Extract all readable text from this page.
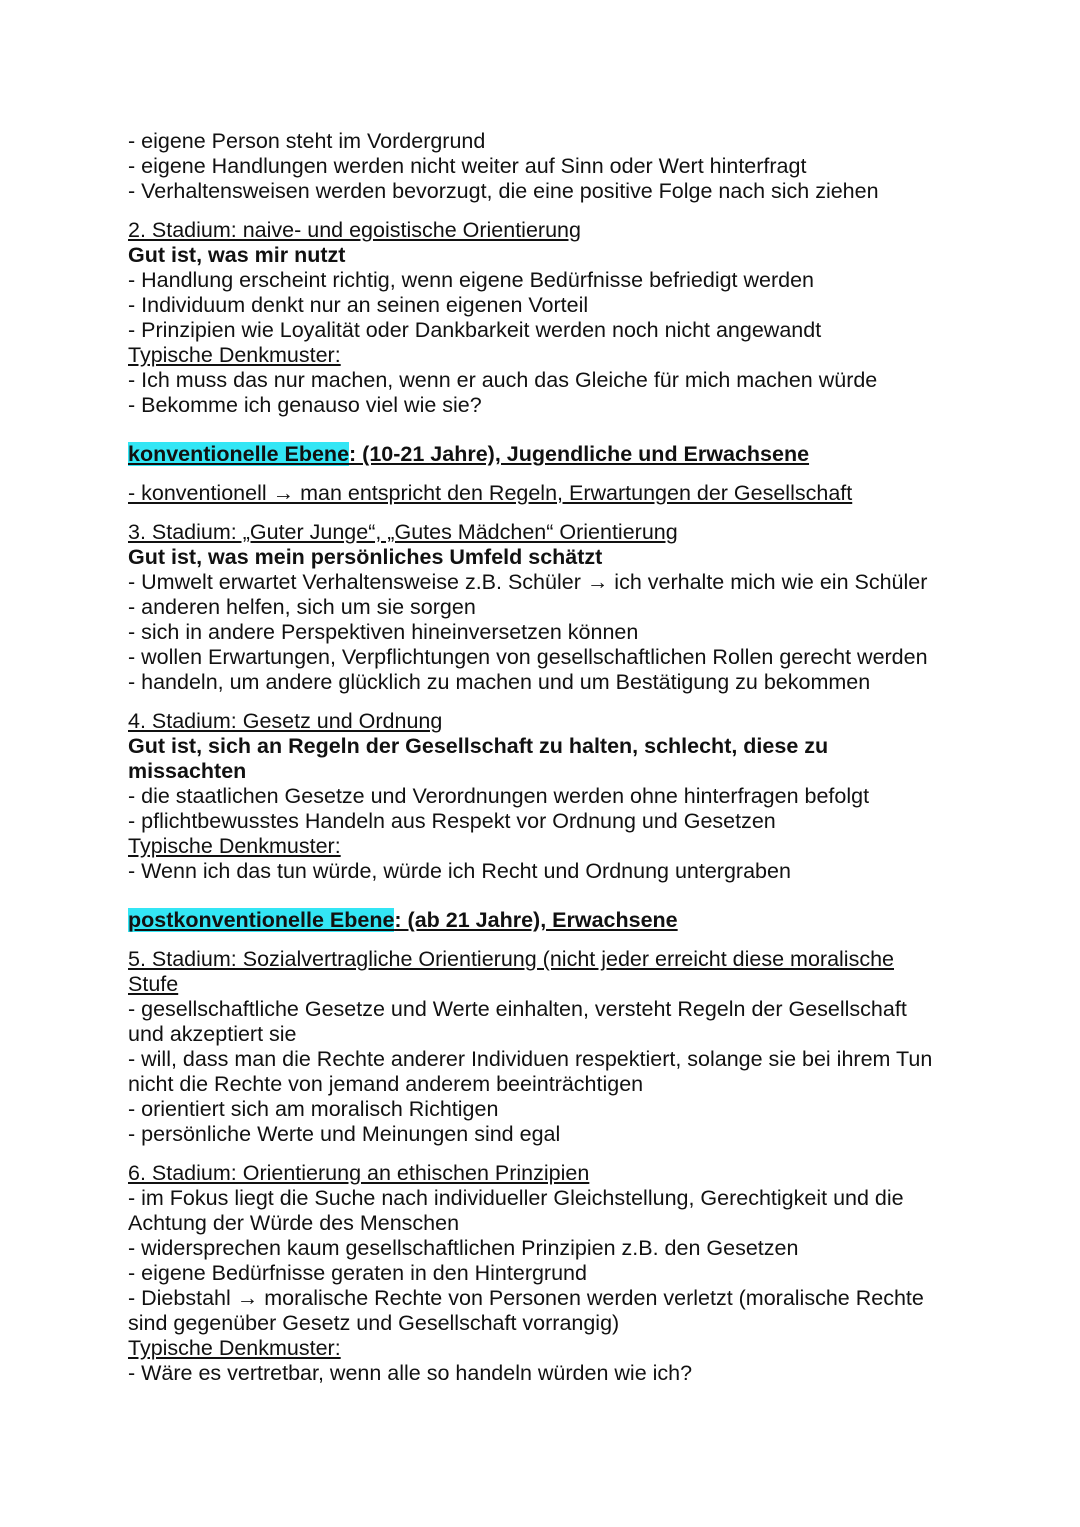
- eigene Person steht im Vordergrund
- eigene Handlungen werden nicht weiter auf Sinn oder Wert hinterfragt
- Verhaltensweisen werden bevorzugt, die eine positive Folge nach sich ziehen
2. Stadium: naive- und egoistische Orientierung
Gut ist, was mir nutzt
- Handlung erscheint richtig, wenn eigene Bedürfnisse befriedigt werden
- Individuum denkt nur an seinen eigenen Vorteil
- Prinzipien wie Loyalität oder Dankbarkeit werden noch nicht angewandt
Typische Denkmuster:
- Ich muss das nur machen, wenn er auch das Gleiche für mich machen würde
- Bekomme ich genauso viel wie sie?
konventionelle Ebene: (10-21 Jahre), Jugendliche und Erwachsene
- konventionell → man entspricht den Regeln, Erwartungen der Gesellschaft
3. Stadium: „Guter Junge“, „Gutes Mädchen“ Orientierung
Gut ist, was mein persönliches Umfeld schätzt
- Umwelt erwartet Verhaltensweise z.B. Schüler → ich verhalte mich wie ein Schüler
- anderen helfen, sich um sie sorgen
- sich in andere Perspektiven hineinversetzen können
- wollen Erwartungen, Verpflichtungen von gesellschaftlichen Rollen gerecht werden
- handeln, um andere glücklich zu machen und um Bestätigung zu bekommen
4. Stadium: Gesetz und Ordnung
Gut ist, sich an Regeln der Gesellschaft zu halten, schlecht, diese zu missachten
- die staatlichen Gesetze und Verordnungen werden ohne hinterfragen befolgt
- pflichtbewusstes Handeln aus Respekt vor Ordnung und Gesetzen
Typische Denkmuster:
- Wenn ich das tun würde, würde ich Recht und Ordnung untergraben
postkonventionelle Ebene: (ab 21 Jahre), Erwachsene
5. Stadium: Sozialvertragliche Orientierung (nicht jeder erreicht diese moralische Stufe
- gesellschaftliche Gesetze und Werte einhalten, versteht Regeln der Gesellschaft und akzeptiert sie
- will, dass man die Rechte anderer Individuen respektiert, solange sie bei ihrem Tun nicht die Rechte von jemand anderem beeinträchtigen
- orientiert sich am moralisch Richtigen
- persönliche Werte und Meinungen sind egal
6. Stadium: Orientierung an ethischen Prinzipien
- im Fokus liegt die Suche nach individueller Gleichstellung, Gerechtigkeit und die Achtung der Würde des Menschen
- widersprechen kaum gesellschaftlichen Prinzipien z.B. den Gesetzen
- eigene Bedürfnisse geraten in den Hintergrund
- Diebstahl → moralische Rechte von Personen werden verletzt (moralische Rechte sind gegenüber Gesetz und Gesellschaft vorrangig)
Typische Denkmuster:
- Wäre es vertretbar, wenn alle so handeln würden wie ich?
